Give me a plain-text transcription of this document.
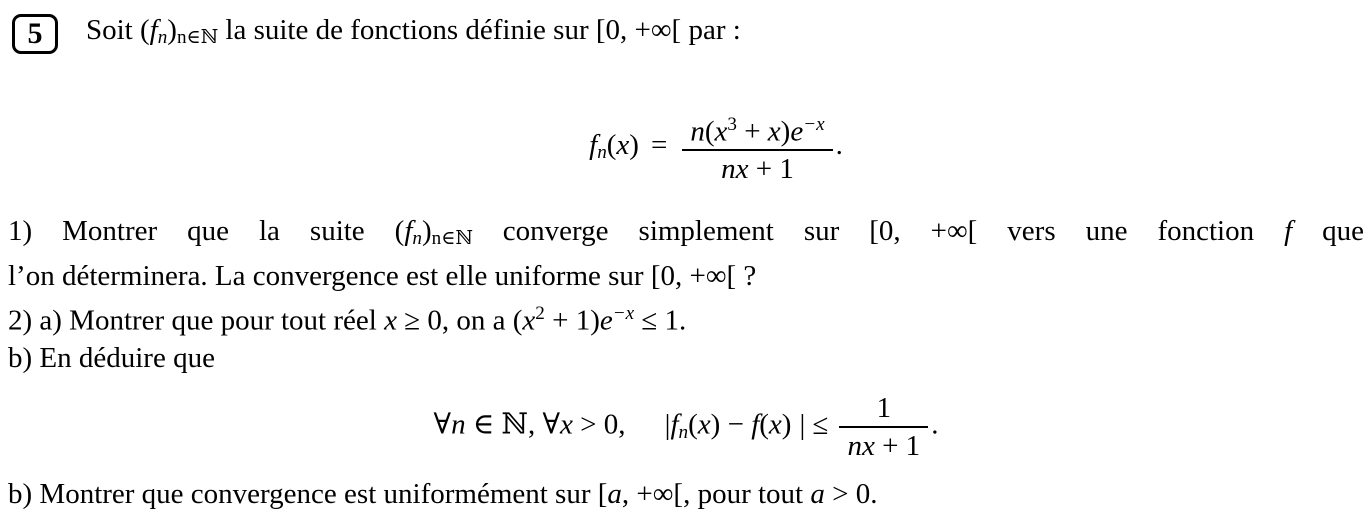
5 Soit $(f_n)_{n\in ℕ}$ la suite de fonctions définie sur [0, +∞[ par :
$f_n(x) = \frac{n(x^3 + x)e^{-x}}{nx + 1}$ .
1) Montrer que la suite $(f_n)_{n\in ℕ}$ converge simplement sur [0, +∞[ vers une fonction f que
l’on déterminera. La convergence est elle uniforme sur [0, +∞[ ?
2) a) Montrer que pour tout réel x ≥ 0, on a $(x^2 + 1)e^{-x} \le 1$.
b) En déduire que
∀n ∈ ℕ, ∀x > 0, $|f_n(x) - f(x)$ | ≤ $\frac{1}{nx + 1}$ .
b) Montrer que convergence est uniformément sur [a, +∞[, pour tout a > 0.
